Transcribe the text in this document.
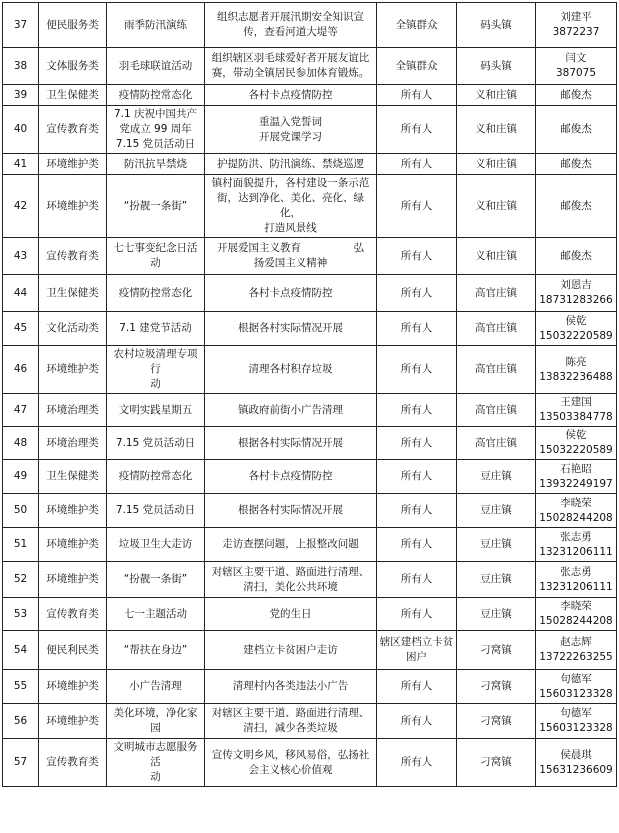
37	便民服务类	雨季防汛演练	组织志愿者开展汛期安全知识宣
传，查看河道大堤等	全镇群众	码头镇	刘建平
3872237

38	文体服务类	羽毛球联谊活动	组织辖区羽毛球爱好者开展友谊比
赛，带动全镇居民参加体育锻炼。	全镇群众	码头镇	闫文
387075

39	卫生保健类	疫情防控常态化	各村卡点疫情防控	所有人	义和庄镇	邮俊杰

40	宣传教育类	7.1 庆祝中国共产党成立 99 周年
7.15 党员活动日	重温入党誓词
开展党课学习	所有人	义和庄镇	邮俊杰

41	环境维护类	防汛抗旱禁烧	护提防洪、防汛演练、禁烧巡逻	所有人	义和庄镇	邮俊杰

42	环境维护类	“扮靓一条街”	镇村面貌提升，各村建设一条示范街，达到净化、美化、亮化、绿化，
打造风景线	所有人	义和庄镇	邮俊杰

43	宣传教育类	七七事变纪念日活动	开展爱国主义教育　　　　　弘
扬爱国主义精神	所有人	义和庄镇	邮俊杰

44	卫生保健类	疫情防控常态化	各村卡点疫情防控	所有人	高官庄镇	刘恩吉
18731283266

45	文化活动类	7.1 建党节活动	根据各村实际情况开展	所有人	高官庄镇	侯乾
15032220589

46	环境维护类	农村垃圾清理专项行
动	清理各村积存垃圾	所有人	高官庄镇	陈亮
13832236488

47	环境治理类	文明实践星期五	镇政府前街小广告清理	所有人	高官庄镇	王建国
13503384778

48	环境治理类	7.15 党员活动日	根据各村实际情况开展	所有人	高官庄镇	侯乾
15032220589

49	卫生保健类	疫情防控常态化	各村卡点疫情防控	所有人	豆庄镇	石艳昭
13932249197

50	环境维护类	7.15 党员活动日	根据各村实际情况开展	所有人	豆庄镇	李晓荣
15028244208

51	环境维护类	垃圾卫生大走访	走访查摆问题，上报整改问题	所有人	豆庄镇	张志勇
13231206111

52	环境维护类	“扮靓一条街”	对辖区主要干道、路面进行清理、
清扫，美化公共环境	所有人	豆庄镇	张志勇
13231206111

53	宣传教育类	七一主题活动	党的生日	所有人	豆庄镇	李晓荣
15028244208

54	便民利民类	“帮扶在身边”	建档立卡贫困户走访	辖区建档立卡贫
困户	刁窝镇	赵志辉
13722263255

55	环境维护类	小广告清理	清理村内各类违法小广告	所有人	刁窝镇	句德军
15603123328

56	环境维护类	美化环境，净化家园	对辖区主要干道、路面进行清理、
清扫，减少各类垃圾	所有人	刁窝镇	句德军
15603123328

57	宣传教育类	文明城市志愿服务活
动	宣传文明乡风，移风易俗，弘扬社
会主义核心价值观	所有人	刁窝镇	侯晨琪
15631236609
